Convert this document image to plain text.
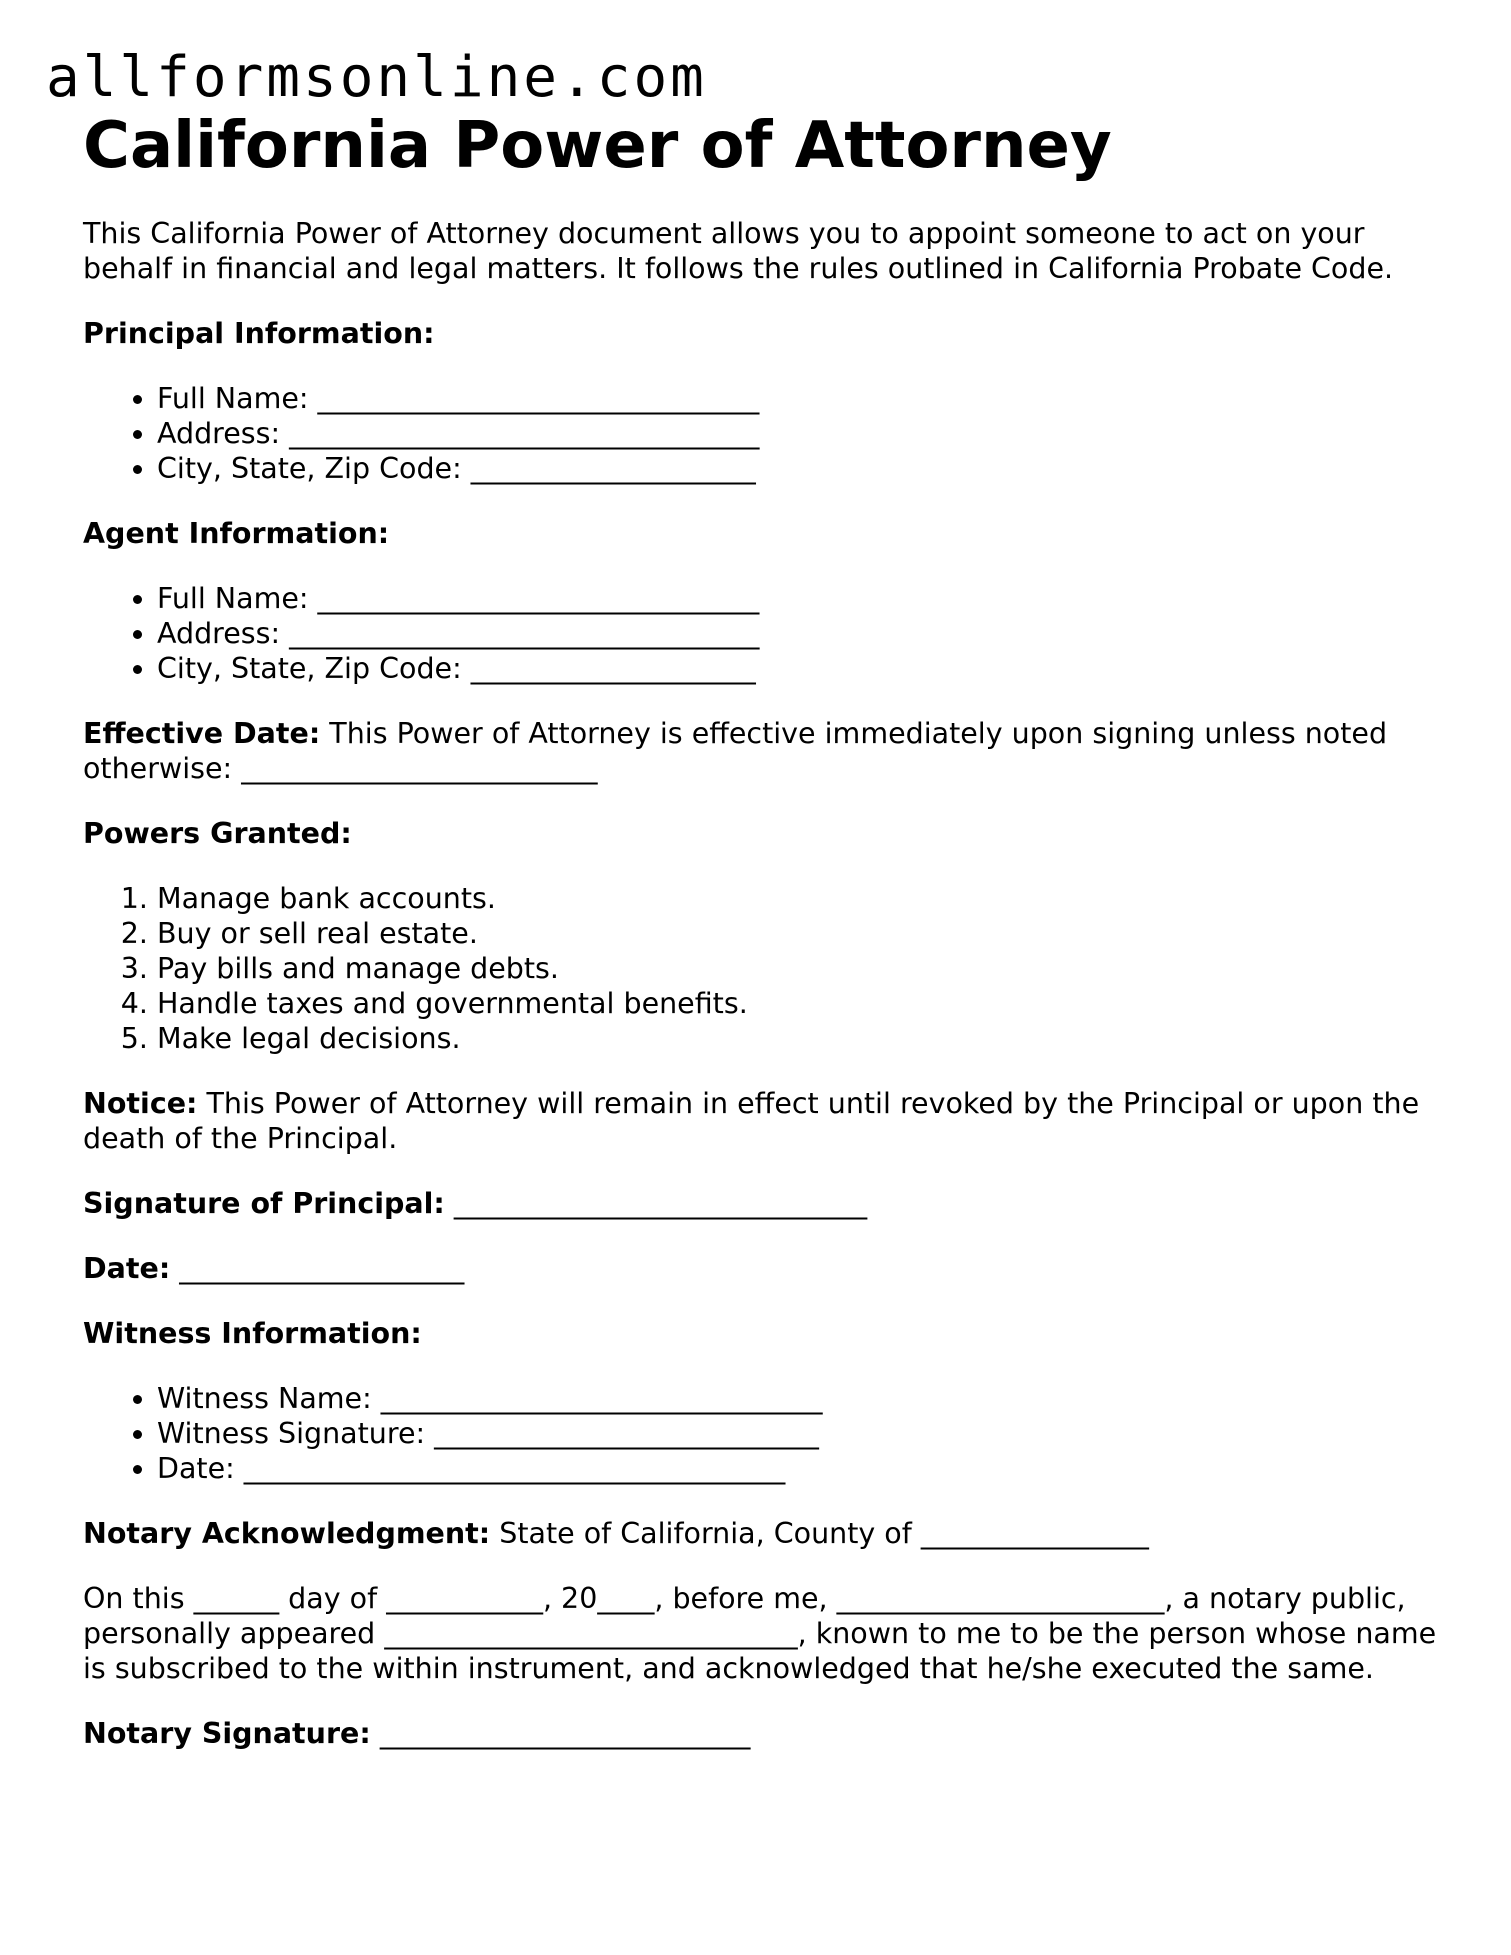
allformsonline.com
California Power of Attorney

This California Power of Attorney document allows you to appoint someone to act on your behalf in financial and legal matters. It follows the rules outlined in California Probate Code.

Principal Information:

• Full Name: _______________________________
• Address: _________________________________
• City, State, Zip Code: ____________________

Agent Information:

• Full Name: _______________________________
• Address: _________________________________
• City, State, Zip Code: ____________________

Effective Date: This Power of Attorney is effective immediately upon signing unless noted otherwise: _________________________

Powers Granted:

1. Manage bank accounts.
2. Buy or sell real estate.
3. Pay bills and manage debts.
4. Handle taxes and governmental benefits.
5. Make legal decisions.

Notice: This Power of Attorney will remain in effect until revoked by the Principal or upon the death of the Principal.

Signature of Principal: _____________________________

Date: ____________________

Witness Information:

• Witness Name: _______________________________
• Witness Signature: ___________________________
• Date: ______________________________________

Notary Acknowledgment: State of California, County of ________________

On this ______ day of ___________, 20____, before me, _______________________, a notary public, personally appeared _____________________________, known to me to be the person whose name is subscribed to the within instrument, and acknowledged that he/she executed the same.

Notary Signature: __________________________
